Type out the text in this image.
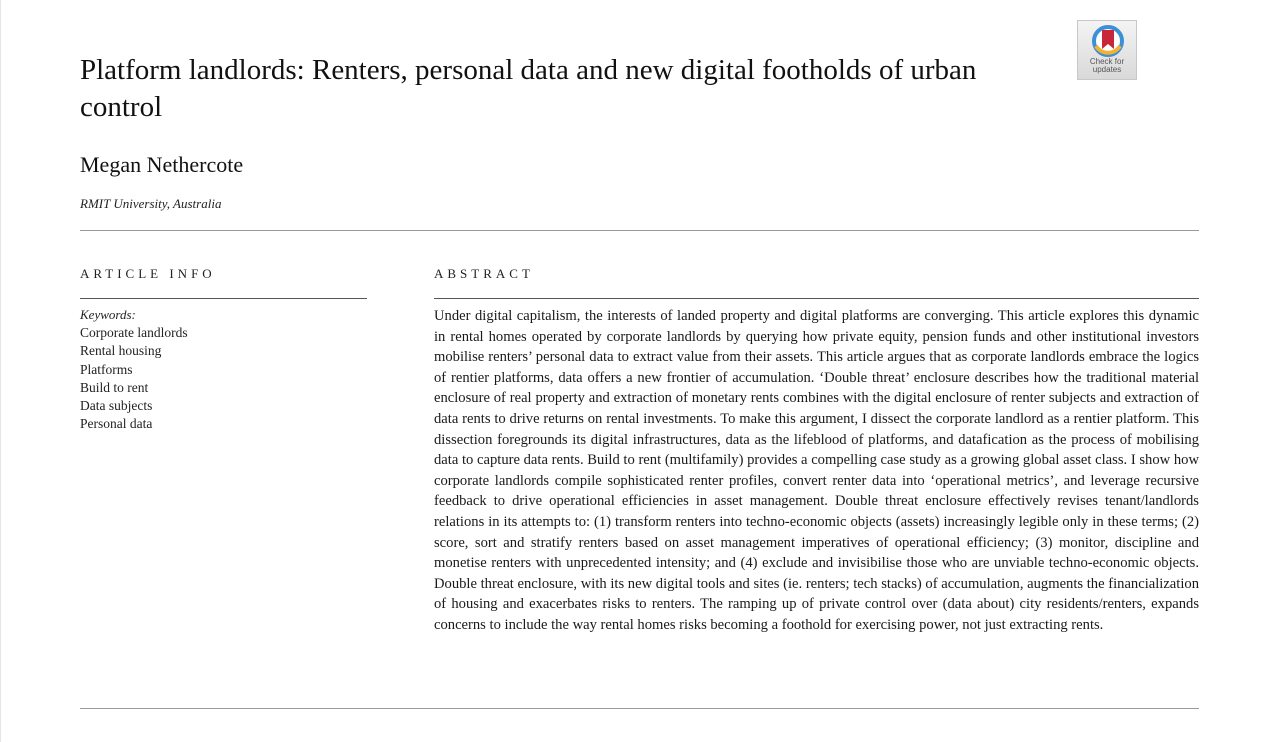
Platform landlords: Renters, personal data and new digital footholds of urban control
Check for
updates
Megan Nethercote
RMIT University, Australia
ARTICLE INFO
Keywords:
Corporate landlords
Rental housing
Platforms
Build to rent
Data subjects
Personal data
ABSTRACT

Under digital capitalism, the interests of landed property and digital platforms are converging. This article explores this dynamic in rental homes operated by corporate landlords by querying how private equity, pension funds and other institutional investors mobilise renters’ personal data to extract value from their assets. This article argues that as corporate landlords embrace the logics of rentier platforms, data offers a new frontier of accumulation. ‘Double threat’ enclosure describes how the traditional material enclosure of real property and extraction of monetary rents combines with the digital enclosure of renter subjects and extraction of data rents to drive returns on rental investments. To make this argument, I dissect the corporate landlord as a rentier platform. This dissection foregrounds its digital infrastructures, data as the lifeblood of platforms, and datafication as the process of mobilising data to capture data rents. Build to rent (multifamily) provides a compelling case study as a growing global asset class. I show how corporate landlords compile sophisticated renter profiles, convert renter data into ‘operational metrics’, and leverage recursive feedback to drive operational efficiencies in asset management. Double threat enclosure effectively revises tenant/landlords relations in its attempts to: (1) transform renters into techno-economic objects (assets) increasingly legible only in these terms; (2) score, sort and stratify renters based on asset management imperatives of operational efficiency; (3) monitor, discipline and monetise renters with unprecedented intensity; and (4) exclude and invisibilise those who are unviable techno-economic objects. Double threat enclosure, with its new digital tools and sites (ie. renters; tech stacks) of accumulation, augments the financialization of housing and exacerbates risks to renters. The ramping up of private control over (data about) city residents/renters, expands concerns to include the way rental homes risks becoming a foothold for exercising power, not just extracting rents.
